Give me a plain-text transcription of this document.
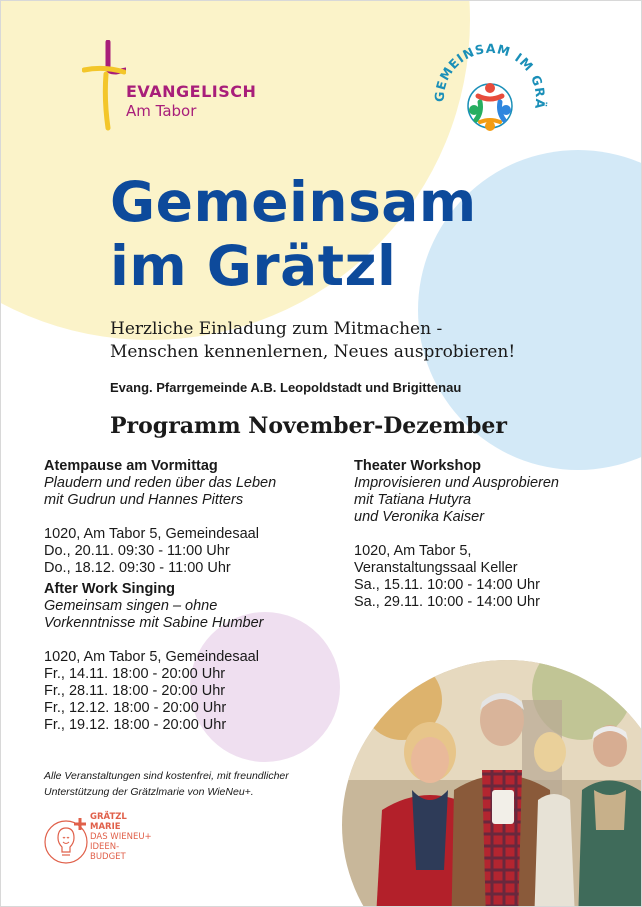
EVANGELISCH
Am Tabor
GEMEINSAM IM GRÄ
Gemeinsam
im Grätzl
Herzliche Einladung zum Mitmachen -
Menschen kennenlernen, Neues ausprobieren!
Evang. Pfarrgemeinde A.B. Leopoldstadt und Brigittenau
Programm November-Dezember
Atempause am Vormittag
Plaudern und reden über das Leben
mit Gudrun und Hannes Pitters
1020, Am Tabor 5, Gemeindesaal
Do., 20.11. 09:30 - 11:00 Uhr
Do., 18.12. 09:30 - 11:00 Uhr
After Work Singing
Gemeinsam singen – ohne
Vorkenntnisse mit Sabine Humber
1020, Am Tabor 5, Gemeindesaal
Fr., 14.11. 18:00 - 20:00 Uhr
Fr., 28.11. 18:00 - 20:00 Uhr
Fr., 12.12. 18:00 - 20:00 Uhr
Fr., 19.12. 18:00 - 20:00 Uhr
Theater Workshop
Improvisieren und Ausprobieren
mit Tatiana Hutyra
und Veronika Kaiser
1020, Am Tabor 5,
Veranstaltungssaal Keller
Sa., 15.11. 10:00 - 14:00 Uhr
Sa., 29.11. 10:00 - 14:00 Uhr
Alle Veranstaltungen sind kostenfrei, mit freundlicher
Unterstützung der Grätzlmarie von WieNeu+.
GRÄTZL
MARIE
DAS WIENEU+
IDEEN-
BUDGET
